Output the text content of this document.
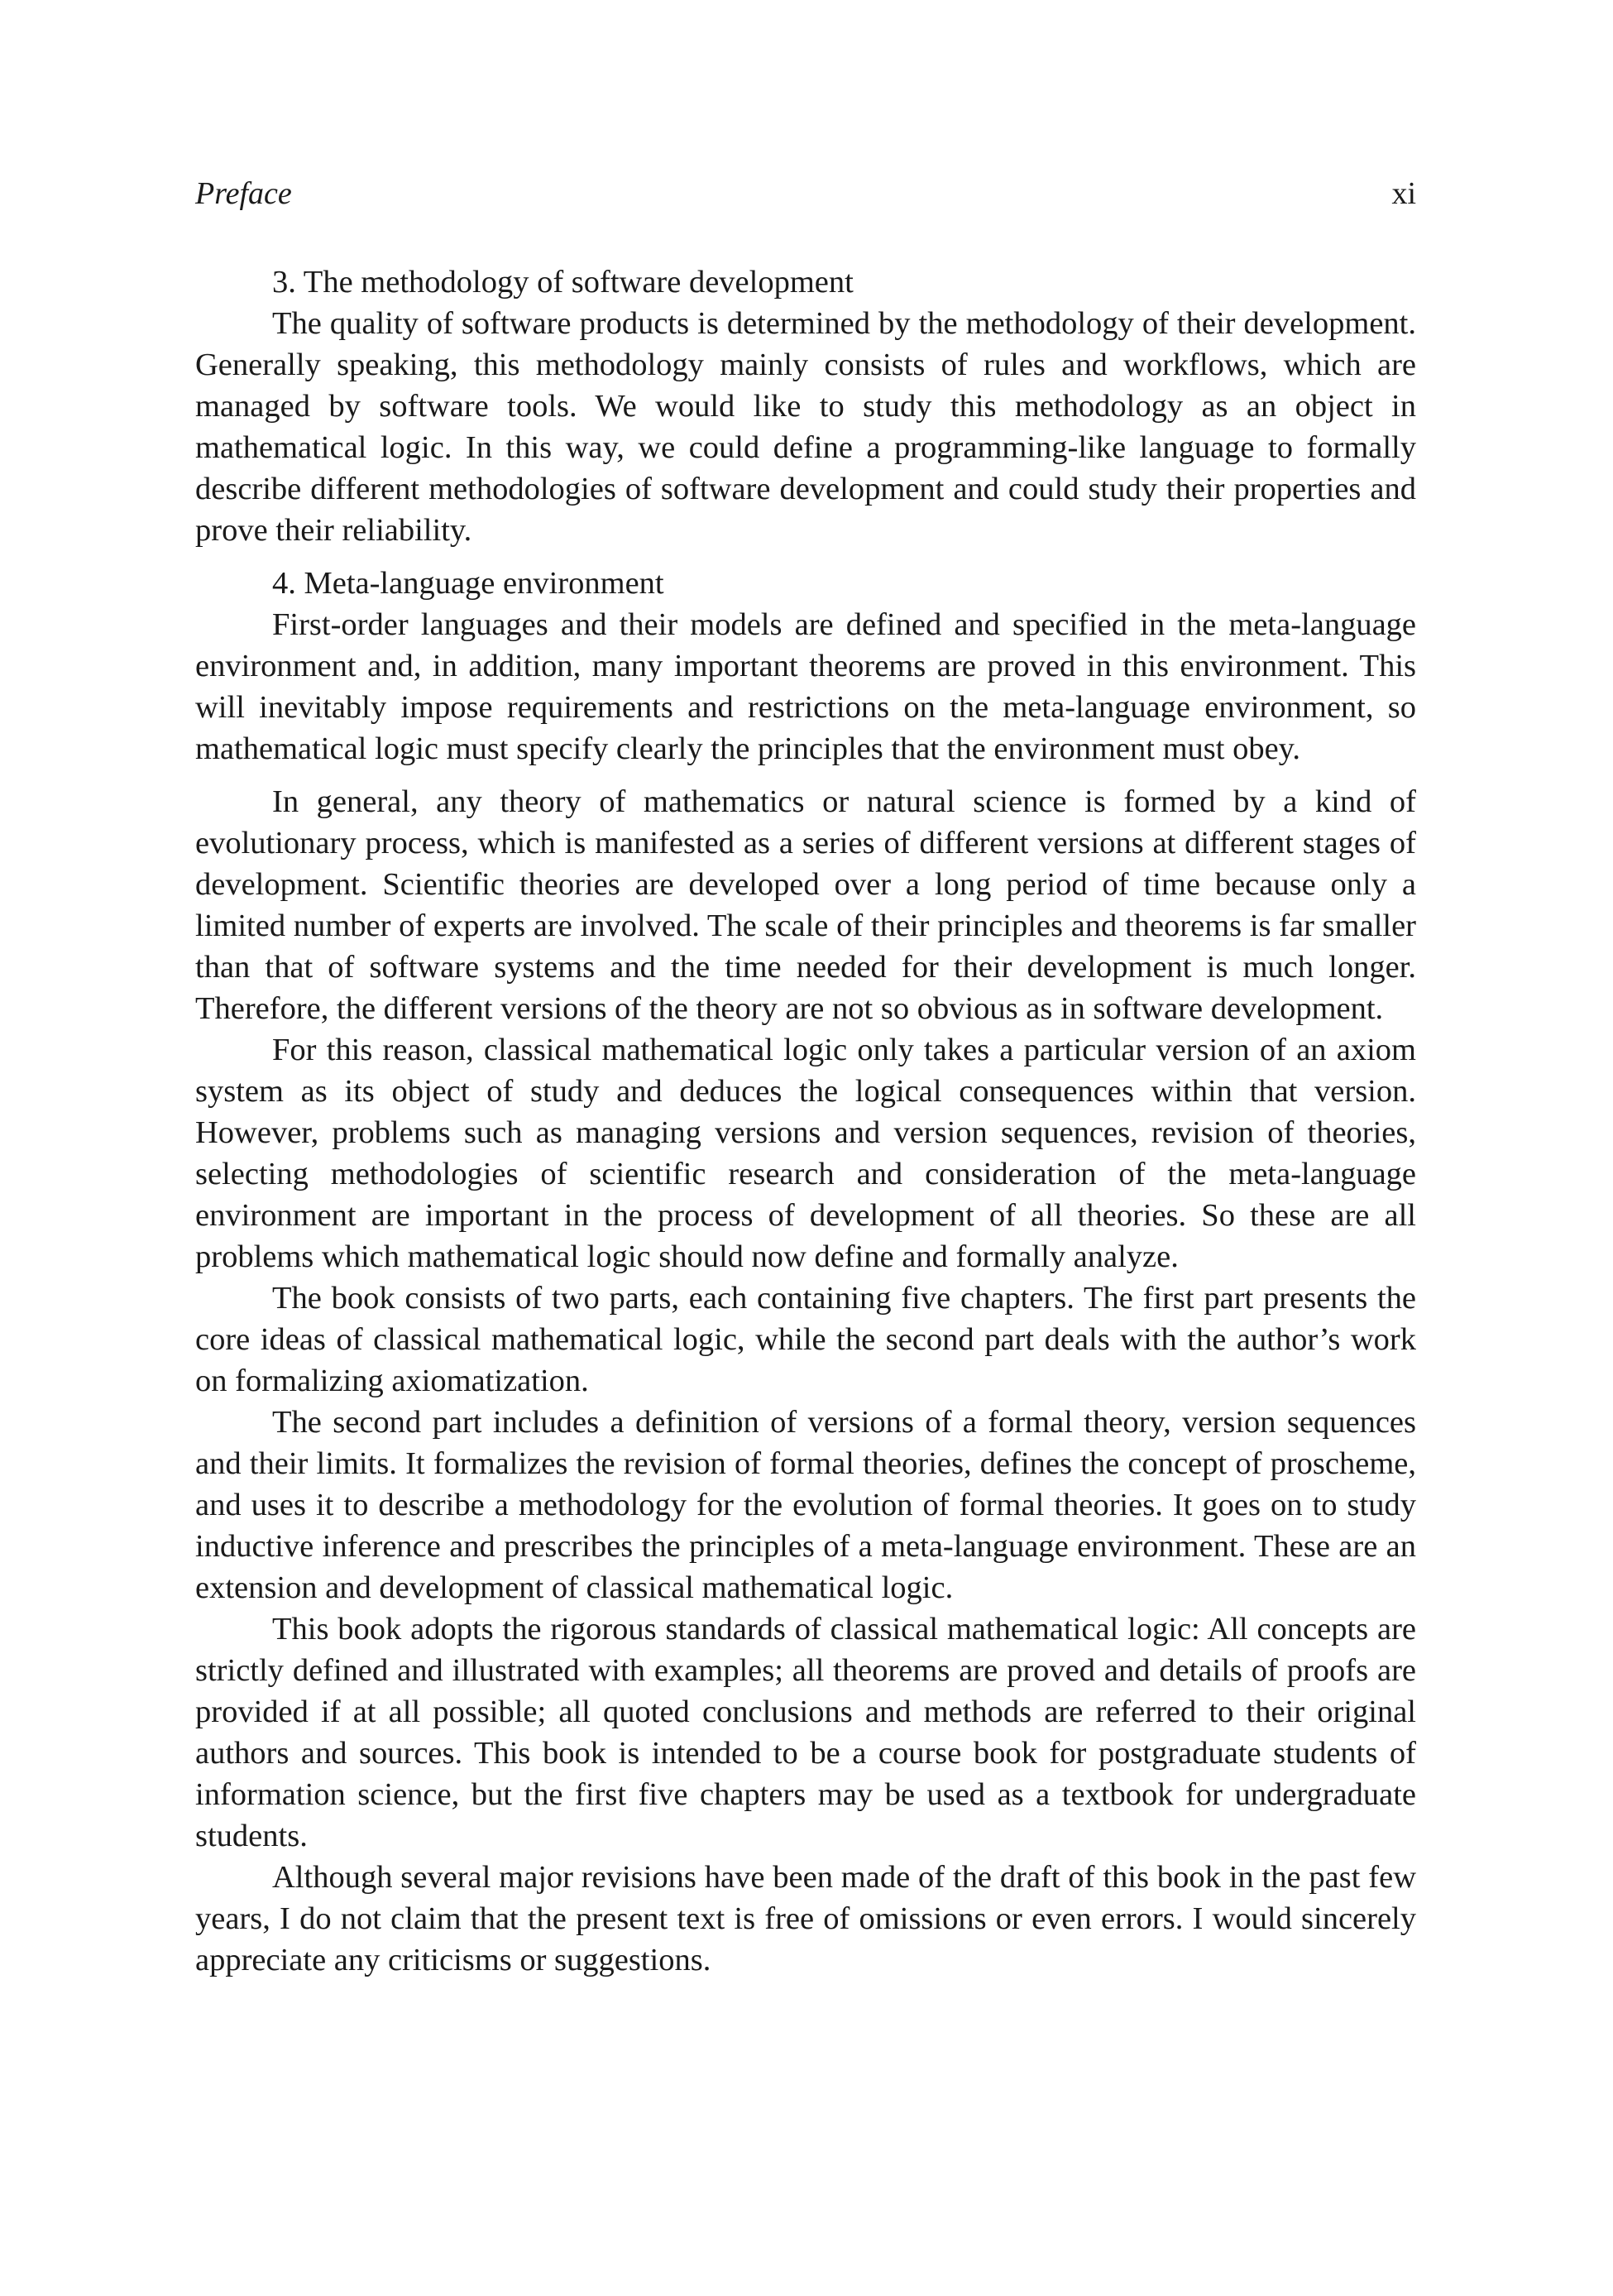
Preface	xi
3. The methodology of software development

The quality of software products is determined by the methodology of their development. Generally speaking, this methodology mainly consists of rules and workflows, which are managed by software tools. We would like to study this methodology as an object in mathematical logic. In this way, we could define a programming-like language to formally describe different methodologies of software development and could study their properties and prove their reliability.

4. Meta-language environment

First-order languages and their models are defined and specified in the meta-language environment and, in addition, many important theorems are proved in this environment. This will inevitably impose requirements and restrictions on the meta-language environment, so mathematical logic must specify clearly the principles that the environment must obey.

In general, any theory of mathematics or natural science is formed by a kind of evolutionary process, which is manifested as a series of different versions at different stages of development. Scientific theories are developed over a long period of time because only a limited number of experts are involved. The scale of their principles and theorems is far smaller than that of software systems and the time needed for their development is much longer. Therefore, the different versions of the theory are not so obvious as in software development.

For this reason, classical mathematical logic only takes a particular version of an axiom system as its object of study and deduces the logical consequences within that version. However, problems such as managing versions and version sequences, revision of theories, selecting methodologies of scientific research and consideration of the meta-language environment are important in the process of development of all theories. So these are all problems which mathematical logic should now define and formally analyze.

The book consists of two parts, each containing five chapters. The first part presents the core ideas of classical mathematical logic, while the second part deals with the author’s work on formalizing axiomatization.

The second part includes a definition of versions of a formal theory, version sequences and their limits. It formalizes the revision of formal theories, defines the concept of proscheme, and uses it to describe a methodology for the evolution of formal theories. It goes on to study inductive inference and prescribes the principles of a meta-language environment. These are an extension and development of classical mathematical logic.

This book adopts the rigorous standards of classical mathematical logic: All concepts are strictly defined and illustrated with examples; all theorems are proved and details of proofs are provided if at all possible; all quoted conclusions and methods are referred to their original authors and sources. This book is intended to be a course book for postgraduate students of information science, but the first five chapters may be used as a textbook for undergraduate students.

Although several major revisions have been made of the draft of this book in the past few years, I do not claim that the present text is free of omissions or even errors. I would sincerely appreciate any criticisms or suggestions.
